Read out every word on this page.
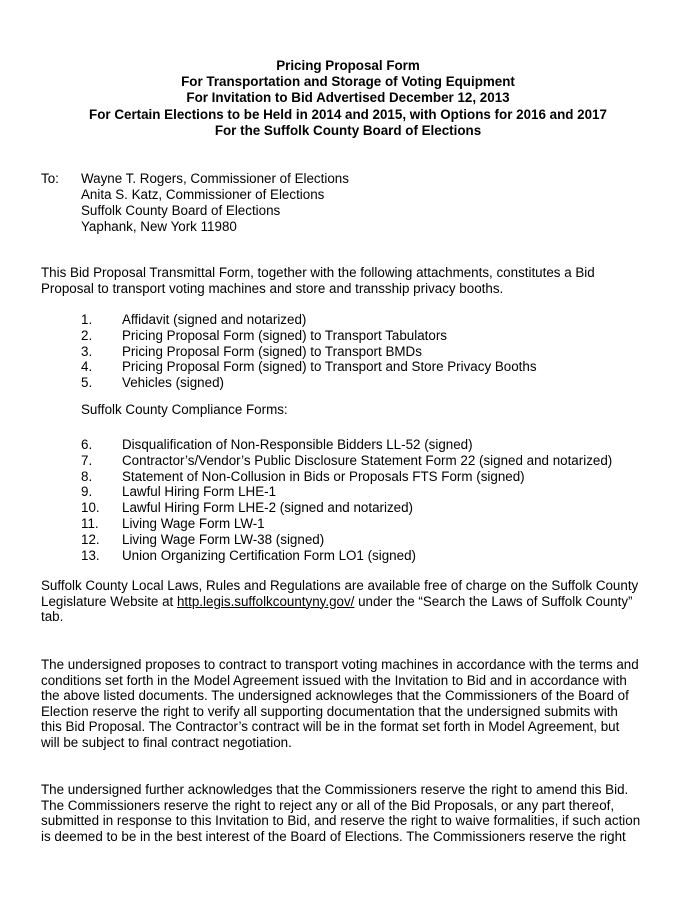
Pricing Proposal Form
For Transportation and Storage of Voting Equipment
For Invitation to Bid Advertised December 12, 2013
For Certain Elections to be Held in 2014 and 2015, with Options for 2016 and 2017
For the Suffolk County Board of Elections
To: Wayne T. Rogers, Commissioner of Elections
Anita S. Katz, Commissioner of Elections
Suffolk County Board of Elections
Yaphank, New York 11980
This Bid Proposal Transmittal Form, together with the following attachments, constitutes a Bid
Proposal to transport voting machines and store and transship privacy booths.
1. Affidavit (signed and notarized)
2. Pricing Proposal Form (signed) to Transport Tabulators
3. Pricing Proposal Form (signed) to Transport BMDs
4. Pricing Proposal Form (signed) to Transport and Store Privacy Booths
5. Vehicles (signed)
Suffolk County Compliance Forms:
6. Disqualification of Non-Responsible Bidders LL-52 (signed)
7. Contractor’s/Vendor’s Public Disclosure Statement Form 22 (signed and notarized)
8. Statement of Non-Collusion in Bids or Proposals FTS Form (signed)
9. Lawful Hiring Form LHE-1
10. Lawful Hiring Form LHE-2 (signed and notarized)
11. Living Wage Form LW-1
12. Living Wage Form LW-38 (signed)
13. Union Organizing Certification Form LO1 (signed)
Suffolk County Local Laws, Rules and Regulations are available free of charge on the Suffolk County
Legislature Website at http.legis.suffolkcountyny.gov/ under the “Search the Laws of Suffolk County”
tab.
The undersigned proposes to contract to transport voting machines in accordance with the terms and
conditions set forth in the Model Agreement issued with the Invitation to Bid and in accordance with
the above listed documents. The undersigned acknowleges that the Commissioners of the Board of
Election reserve the right to verify all supporting documentation that the undersigned submits with
this Bid Proposal. The Contractor’s contract will be in the format set forth in Model Agreement, but
will be subject to final contract negotiation.
The undersigned further acknowledges that the Commissioners reserve the right to amend this Bid.
The Commissioners reserve the right to reject any or all of the Bid Proposals, or any part thereof,
submitted in response to this Invitation to Bid, and reserve the right to waive formalities, if such action
is deemed to be in the best interest of the Board of Elections. The Commissioners reserve the right
